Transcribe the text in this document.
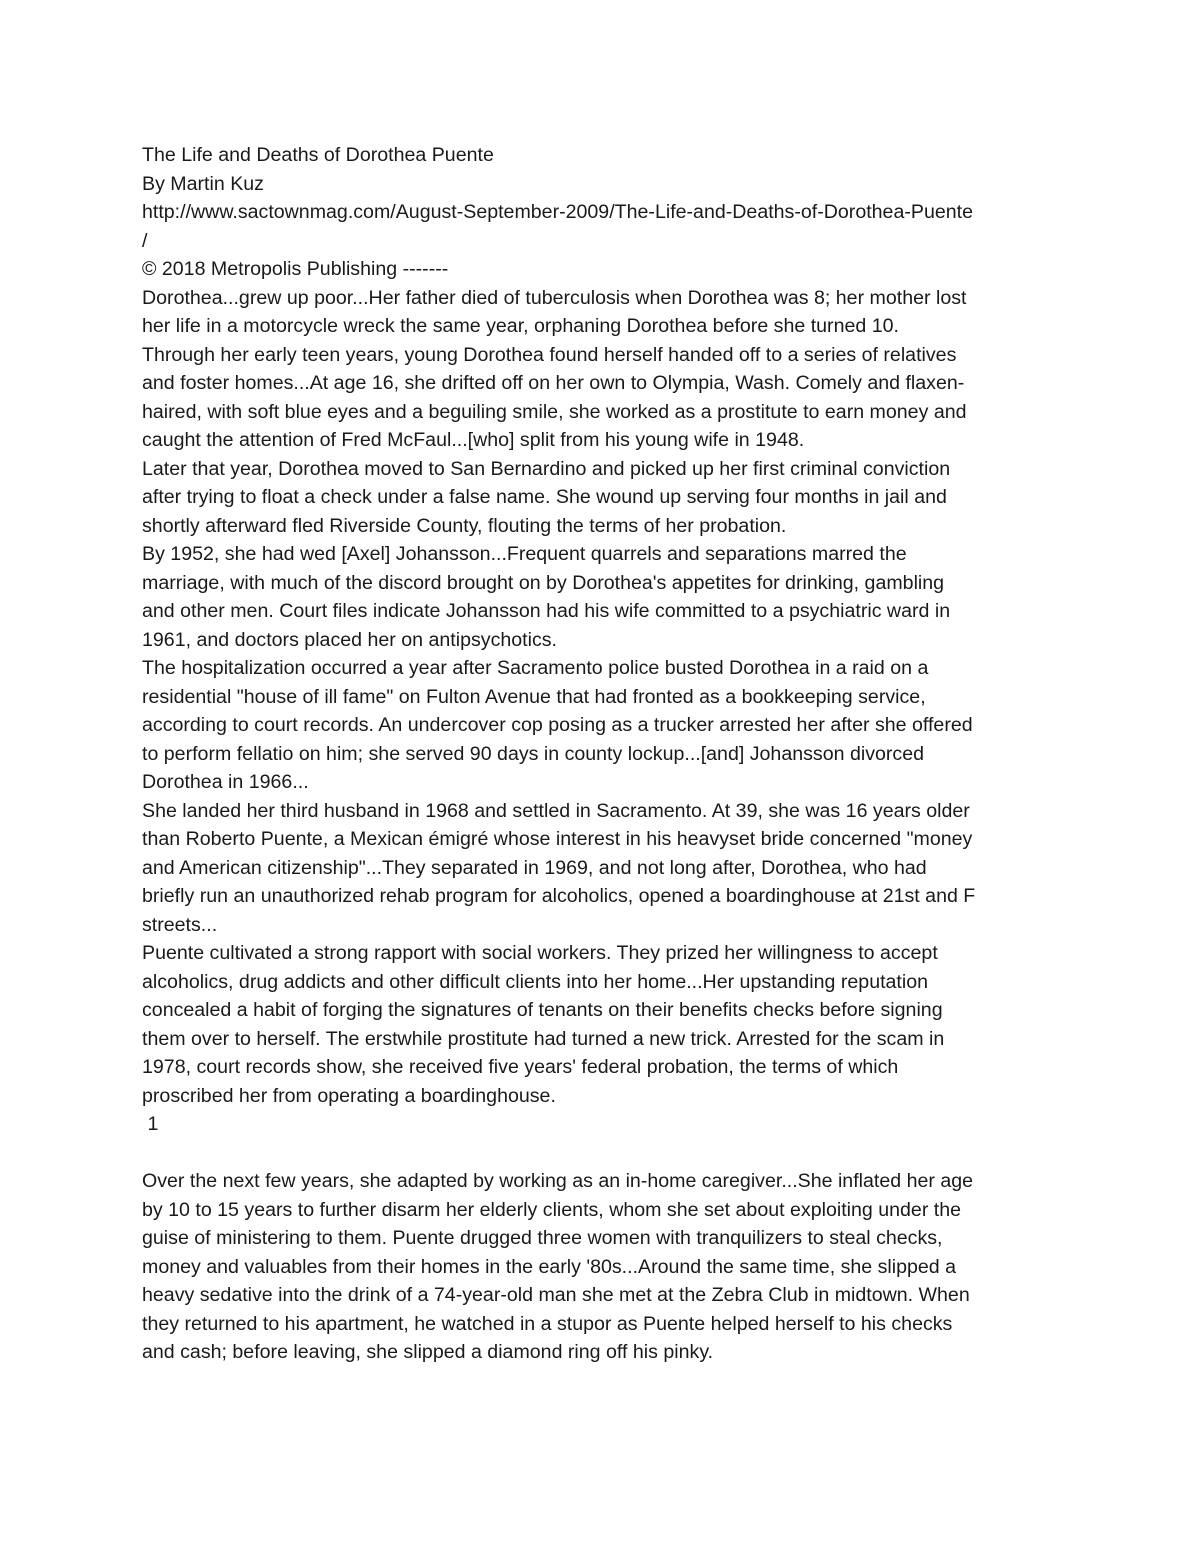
The Life and Deaths of Dorothea Puente
By Martin Kuz
http://www.sactownmag.com/August-September-2009/The-Life-and-Deaths-of-Dorothea-Puente
/
© 2018 Metropolis Publishing -------
Dorothea...grew up poor...Her father died of tuberculosis when Dorothea was 8; her mother lost
her life in a motorcycle wreck the same year, orphaning Dorothea before she turned 10.
Through her early teen years, young Dorothea found herself handed off to a series of relatives
and foster homes...At age 16, she drifted off on her own to Olympia, Wash. Comely and flaxen-
haired, with soft blue eyes and a beguiling smile, she worked as a prostitute to earn money and
caught the attention of Fred McFaul...[who] split from his young wife in 1948.
Later that year, Dorothea moved to San Bernardino and picked up her first criminal conviction
after trying to float a check under a false name. She wound up serving four months in jail and
shortly afterward fled Riverside County, flouting the terms of her probation.
By 1952, she had wed [Axel] Johansson...Frequent quarrels and separations marred the
marriage, with much of the discord brought on by Dorothea's appetites for drinking, gambling
and other men. Court files indicate Johansson had his wife committed to a psychiatric ward in
1961, and doctors placed her on antipsychotics.
The hospitalization occurred a year after Sacramento police busted Dorothea in a raid on a
residential "house of ill fame" on Fulton Avenue that had fronted as a bookkeeping service,
according to court records. An undercover cop posing as a trucker arrested her after she offered
to perform fellatio on him; she served 90 days in county lockup...[and] Johansson divorced
Dorothea in 1966...
She landed her third husband in 1968 and settled in Sacramento. At 39, she was 16 years older
than Roberto Puente, a Mexican émigré whose interest in his heavyset bride concerned "money
and American citizenship"...They separated in 1969, and not long after, Dorothea, who had
briefly run an unauthorized rehab program for alcoholics, opened a boardinghouse at 21st and F
streets...
Puente cultivated a strong rapport with social workers. They prized her willingness to accept
alcoholics, drug addicts and other difficult clients into her home...Her upstanding reputation
concealed a habit of forging the signatures of tenants on their benefits checks before signing
them over to herself. The erstwhile prostitute had turned a new trick. Arrested for the scam in
1978, court records show, she received five years' federal probation, the terms of which
proscribed her from operating a boardinghouse.
1
Over the next few years, she adapted by working as an in-home caregiver...She inflated her age
by 10 to 15 years to further disarm her elderly clients, whom she set about exploiting under the
guise of ministering to them. Puente drugged three women with tranquilizers to steal checks,
money and valuables from their homes in the early '80s...Around the same time, she slipped a
heavy sedative into the drink of a 74-year-old man she met at the Zebra Club in midtown. When
they returned to his apartment, he watched in a stupor as Puente helped herself to his checks
and cash; before leaving, she slipped a diamond ring off his pinky.
